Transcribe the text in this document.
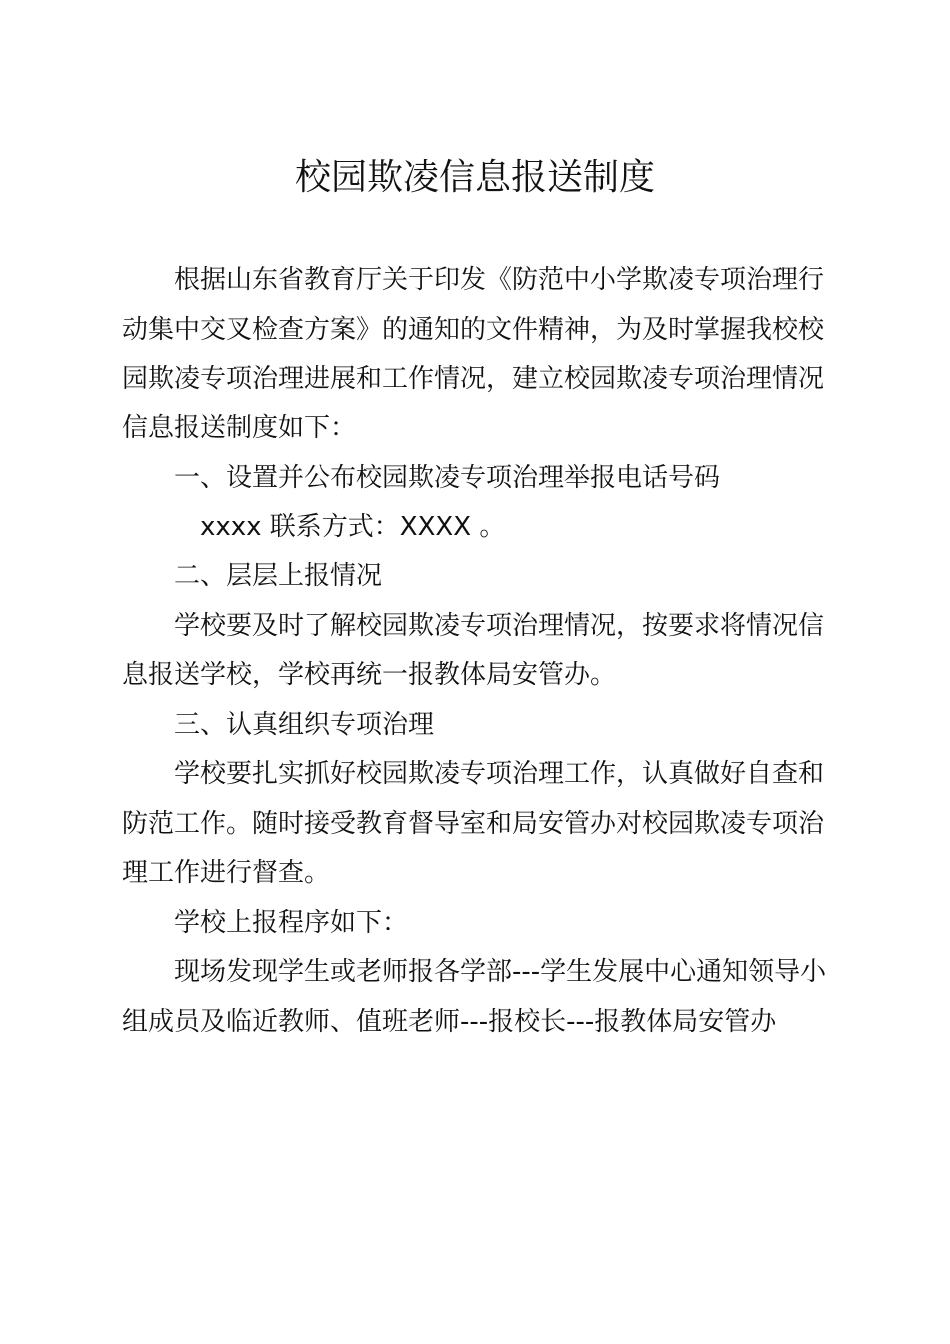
校园欺凌信息报送制度
根据山东省教育厅关于印发《防范中小学欺凌专项治理行
动集中交叉检查方案》的通知的文件精神，为及时掌握我校校
园欺凌专项治理进展和工作情况，建立校园欺凌专项治理情况
信息报送制度如下：
一、设置并公布校园欺凌专项治理举报电话号码
xxxx 联系方式：XXXX 。
二、层层上报情况
学校要及时了解校园欺凌专项治理情况，按要求将情况信
息报送学校，学校再统一报教体局安管办。
三、认真组织专项治理
学校要扎实抓好校园欺凌专项治理工作，认真做好自查和
防范工作。随时接受教育督导室和局安管办对校园欺凌专项治
理工作进行督查。
学校上报程序如下：
现场发现学生或老师报各学部---学生发展中心通知领导小
组成员及临近教师、值班老师---报校长---报教体局安管办
